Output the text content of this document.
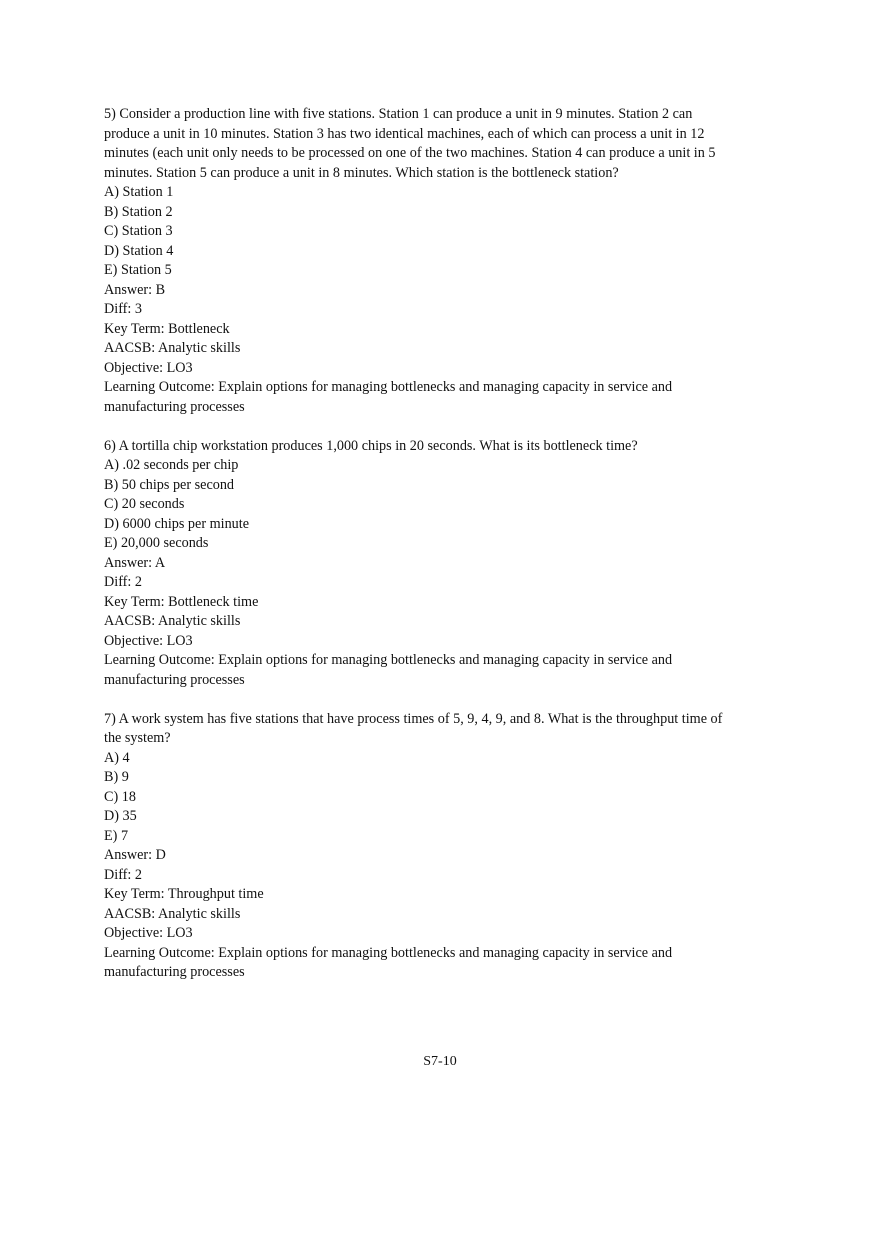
5) Consider a production line with five stations. Station 1 can produce a unit in 9 minutes. Station 2 can produce a unit in 10 minutes. Station 3 has two identical machines, each of which can process a unit in 12 minutes (each unit only needs to be processed on one of the two machines. Station 4 can produce a unit in 5 minutes. Station 5 can produce a unit in 8 minutes. Which station is the bottleneck station?
A) Station 1
B) Station 2
C) Station 3
D) Station 4
E) Station 5
Answer: B
Diff: 3
Key Term: Bottleneck
AACSB: Analytic skills
Objective: LO3
Learning Outcome: Explain options for managing bottlenecks and managing capacity in service and manufacturing processes
6) A tortilla chip workstation produces 1,000 chips in 20 seconds. What is its bottleneck time?
A) .02 seconds per chip
B) 50 chips per second
C) 20 seconds
D) 6000 chips per minute
E) 20,000 seconds
Answer: A
Diff: 2
Key Term: Bottleneck time
AACSB: Analytic skills
Objective: LO3
Learning Outcome: Explain options for managing bottlenecks and managing capacity in service and manufacturing processes
7) A work system has five stations that have process times of 5, 9, 4, 9, and 8. What is the throughput time of the system?
A) 4
B) 9
C) 18
D) 35
E) 7
Answer: D
Diff: 2
Key Term: Throughput time
AACSB: Analytic skills
Objective: LO3
Learning Outcome: Explain options for managing bottlenecks and managing capacity in service and manufacturing processes
S7-10
